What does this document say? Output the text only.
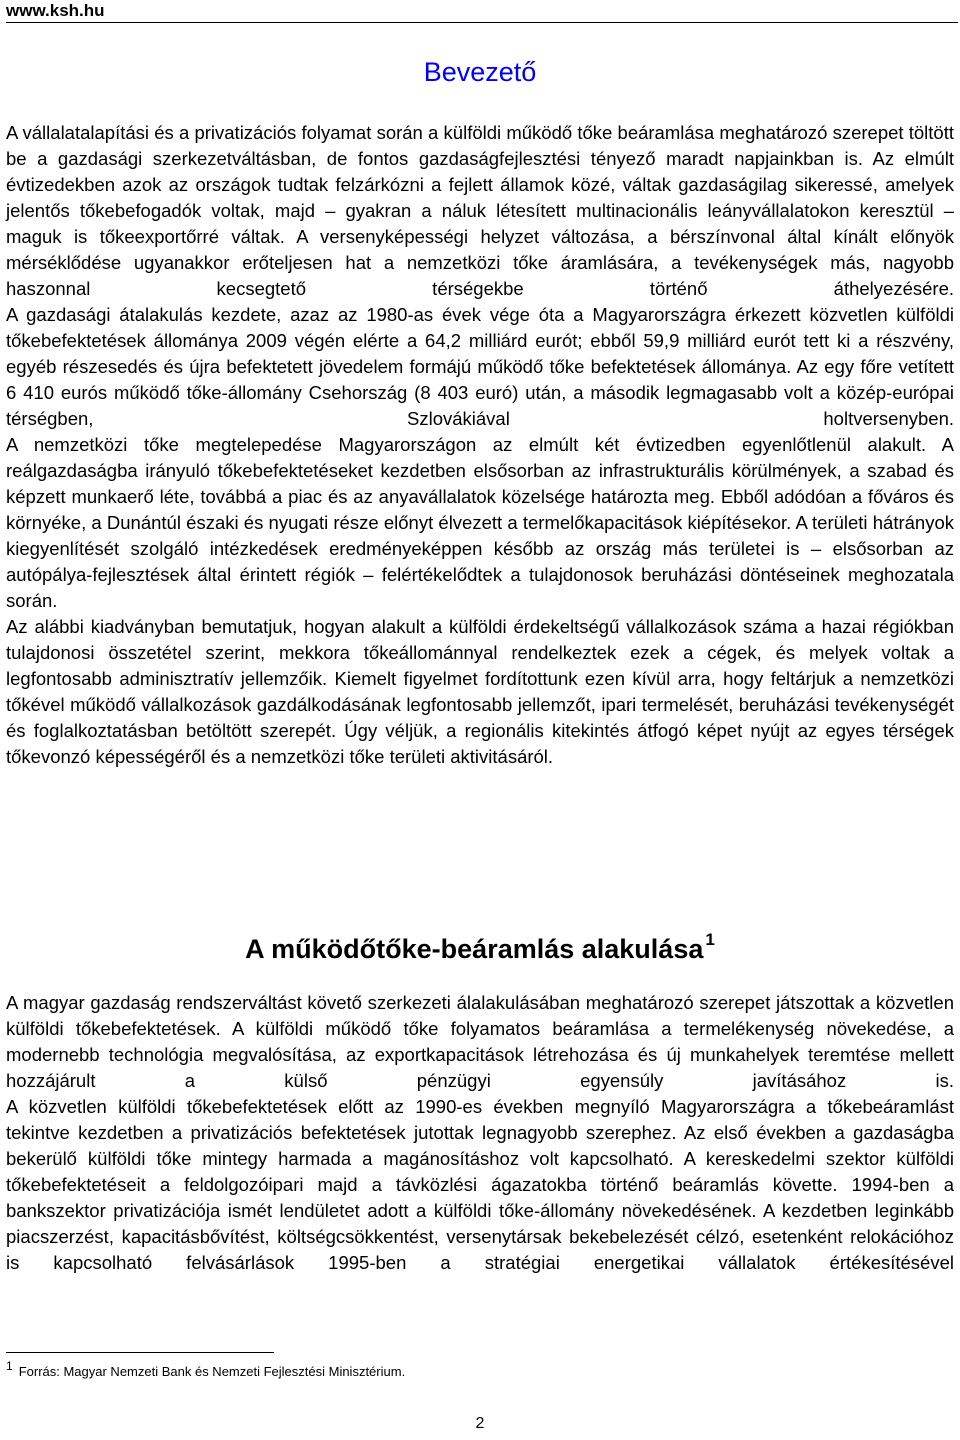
www.ksh.hu
Bevezető

A vállalatalapítási és a privatizációs folyamat során a külföldi működő tőke beáramlása meghatározó szerepet töltött be a gazdasági szerkezetváltásban, de fontos gazdaságfejlesztési tényező maradt napjainkban is. Az elmúlt évtizedekben azok az országok tudtak felzárkózni a fejlett államok közé, váltak gazdaságilag sikeressé, amelyek jelentős tőkebefogadók voltak, majd – gyakran a náluk létesített multinacionális leányvállalatokon keresztül – maguk is tőkeexportőrré váltak. A versenyképességi helyzet változása, a bérszínvonal által kínált előnyök mérséklődése ugyanakkor erőteljesen hat a nemzetközi tőke áramlására, a tevékenységek más, nagyobb haszonnal kecsegtető térségekbe történő áthelyezésére.

A gazdasági átalakulás kezdete, azaz az 1980-as évek vége óta a Magyarországra érkezett közvetlen külföldi tőkebefektetések állománya 2009 végén elérte a 64,2 milliárd eurót; ebből 59,9 milliárd eurót tett ki a részvény, egyéb részesedés és újra befektetett jövedelem formájú működő tőke befektetések állománya. Az egy főre vetített 6 410 eurós működő tőke-állomány Csehország (8 403 euró) után, a második legmagasabb volt a közép-európai térségben, Szlovákiával holtversenyben.

A nemzetközi tőke megtelepedése Magyarországon az elmúlt két évtizedben egyenlőtlenül alakult. A reálgazdaságba irányuló tőkebefektetéseket kezdetben elsősorban az infrastrukturális körülmények, a szabad és képzett munkaerő léte, továbbá a piac és az anyavállalatok közelsége határozta meg. Ebből adódóan a főváros és környéke, a Dunántúl északi és nyugati része előnyt élvezett a termelőkapacitások kiépítésekor. A területi hátrányok kiegyenlítését szolgáló intézkedések eredményeképpen később az ország más területei is – elsősorban az autópálya-fejlesztések által érintett régiók – felértékelődtek a tulajdonosok beruházási döntéseinek meghozatala során.

Az alábbi kiadványban bemutatjuk, hogyan alakult a külföldi érdekeltségű vállalkozások száma a hazai régiókban tulajdonosi összetétel szerint, mekkora tőkeállománnyal rendelkeztek ezek a cégek, és melyek voltak a legfontosabb adminisztratív jellemzőik. Kiemelt figyelmet fordítottunk ezen kívül arra, hogy feltárjuk a nemzetközi tőkével működő vállalkozások gazdálkodásának legfontosabb jellemzőt, ipari termelését, beruházási tevékenységét és foglalkoztatásban betöltött szerepét. Úgy véljük, a regionális kitekintés átfogó képet nyújt az egyes térségek tőkevonzó képességéről és a nemzetközi tőke területi aktivitásáról.

A működőtőke-beáramlás alakulása $^1$

A magyar gazdaság rendszerváltást követő szerkezeti álalakulásában meghatározó szerepet játszottak a közvetlen külföldi tőkebefektetések. A külföldi működő tőke folyamatos beáramlása a termelékenység növekedése, a modernebb technológia megvalósítása, az exportkapacitások létrehozása és új munkahelyek teremtése mellett hozzájárult a külső pénzügyi egyensúly javításához is.

A közvetlen külföldi tőkebefektetések előtt az 1990-es években megnyíló Magyarországra a tőkebeáramlást tekintve kezdetben a privatizációs befektetések jutottak legnagyobb szerephez. Az első években a gazdaságba bekerülő külföldi tőke mintegy harmada a magánosításhoz volt kapcsolható. A kereskedelmi szektor külföldi tőkebefektetéseit a feldolgozóipari majd a távközlési ágazatokba történő beáramlás követte. 1994-ben a bankszektor privatizációja ismét lendületet adott a külföldi tőke-állomány növekedésének. A kezdetben leginkább piacszerzést, kapacitásbővítést, költségcsökkentést, versenytársak bekebelezését célzó, esetenként relokációhoz is kapcsolható felvásárlások 1995-ben a stratégiai energetikai vállalatok értékesítésével

$^1$ Forrás: Magyar Nemzeti Bank és Nemzeti Fejlesztési Minisztérium.
2
